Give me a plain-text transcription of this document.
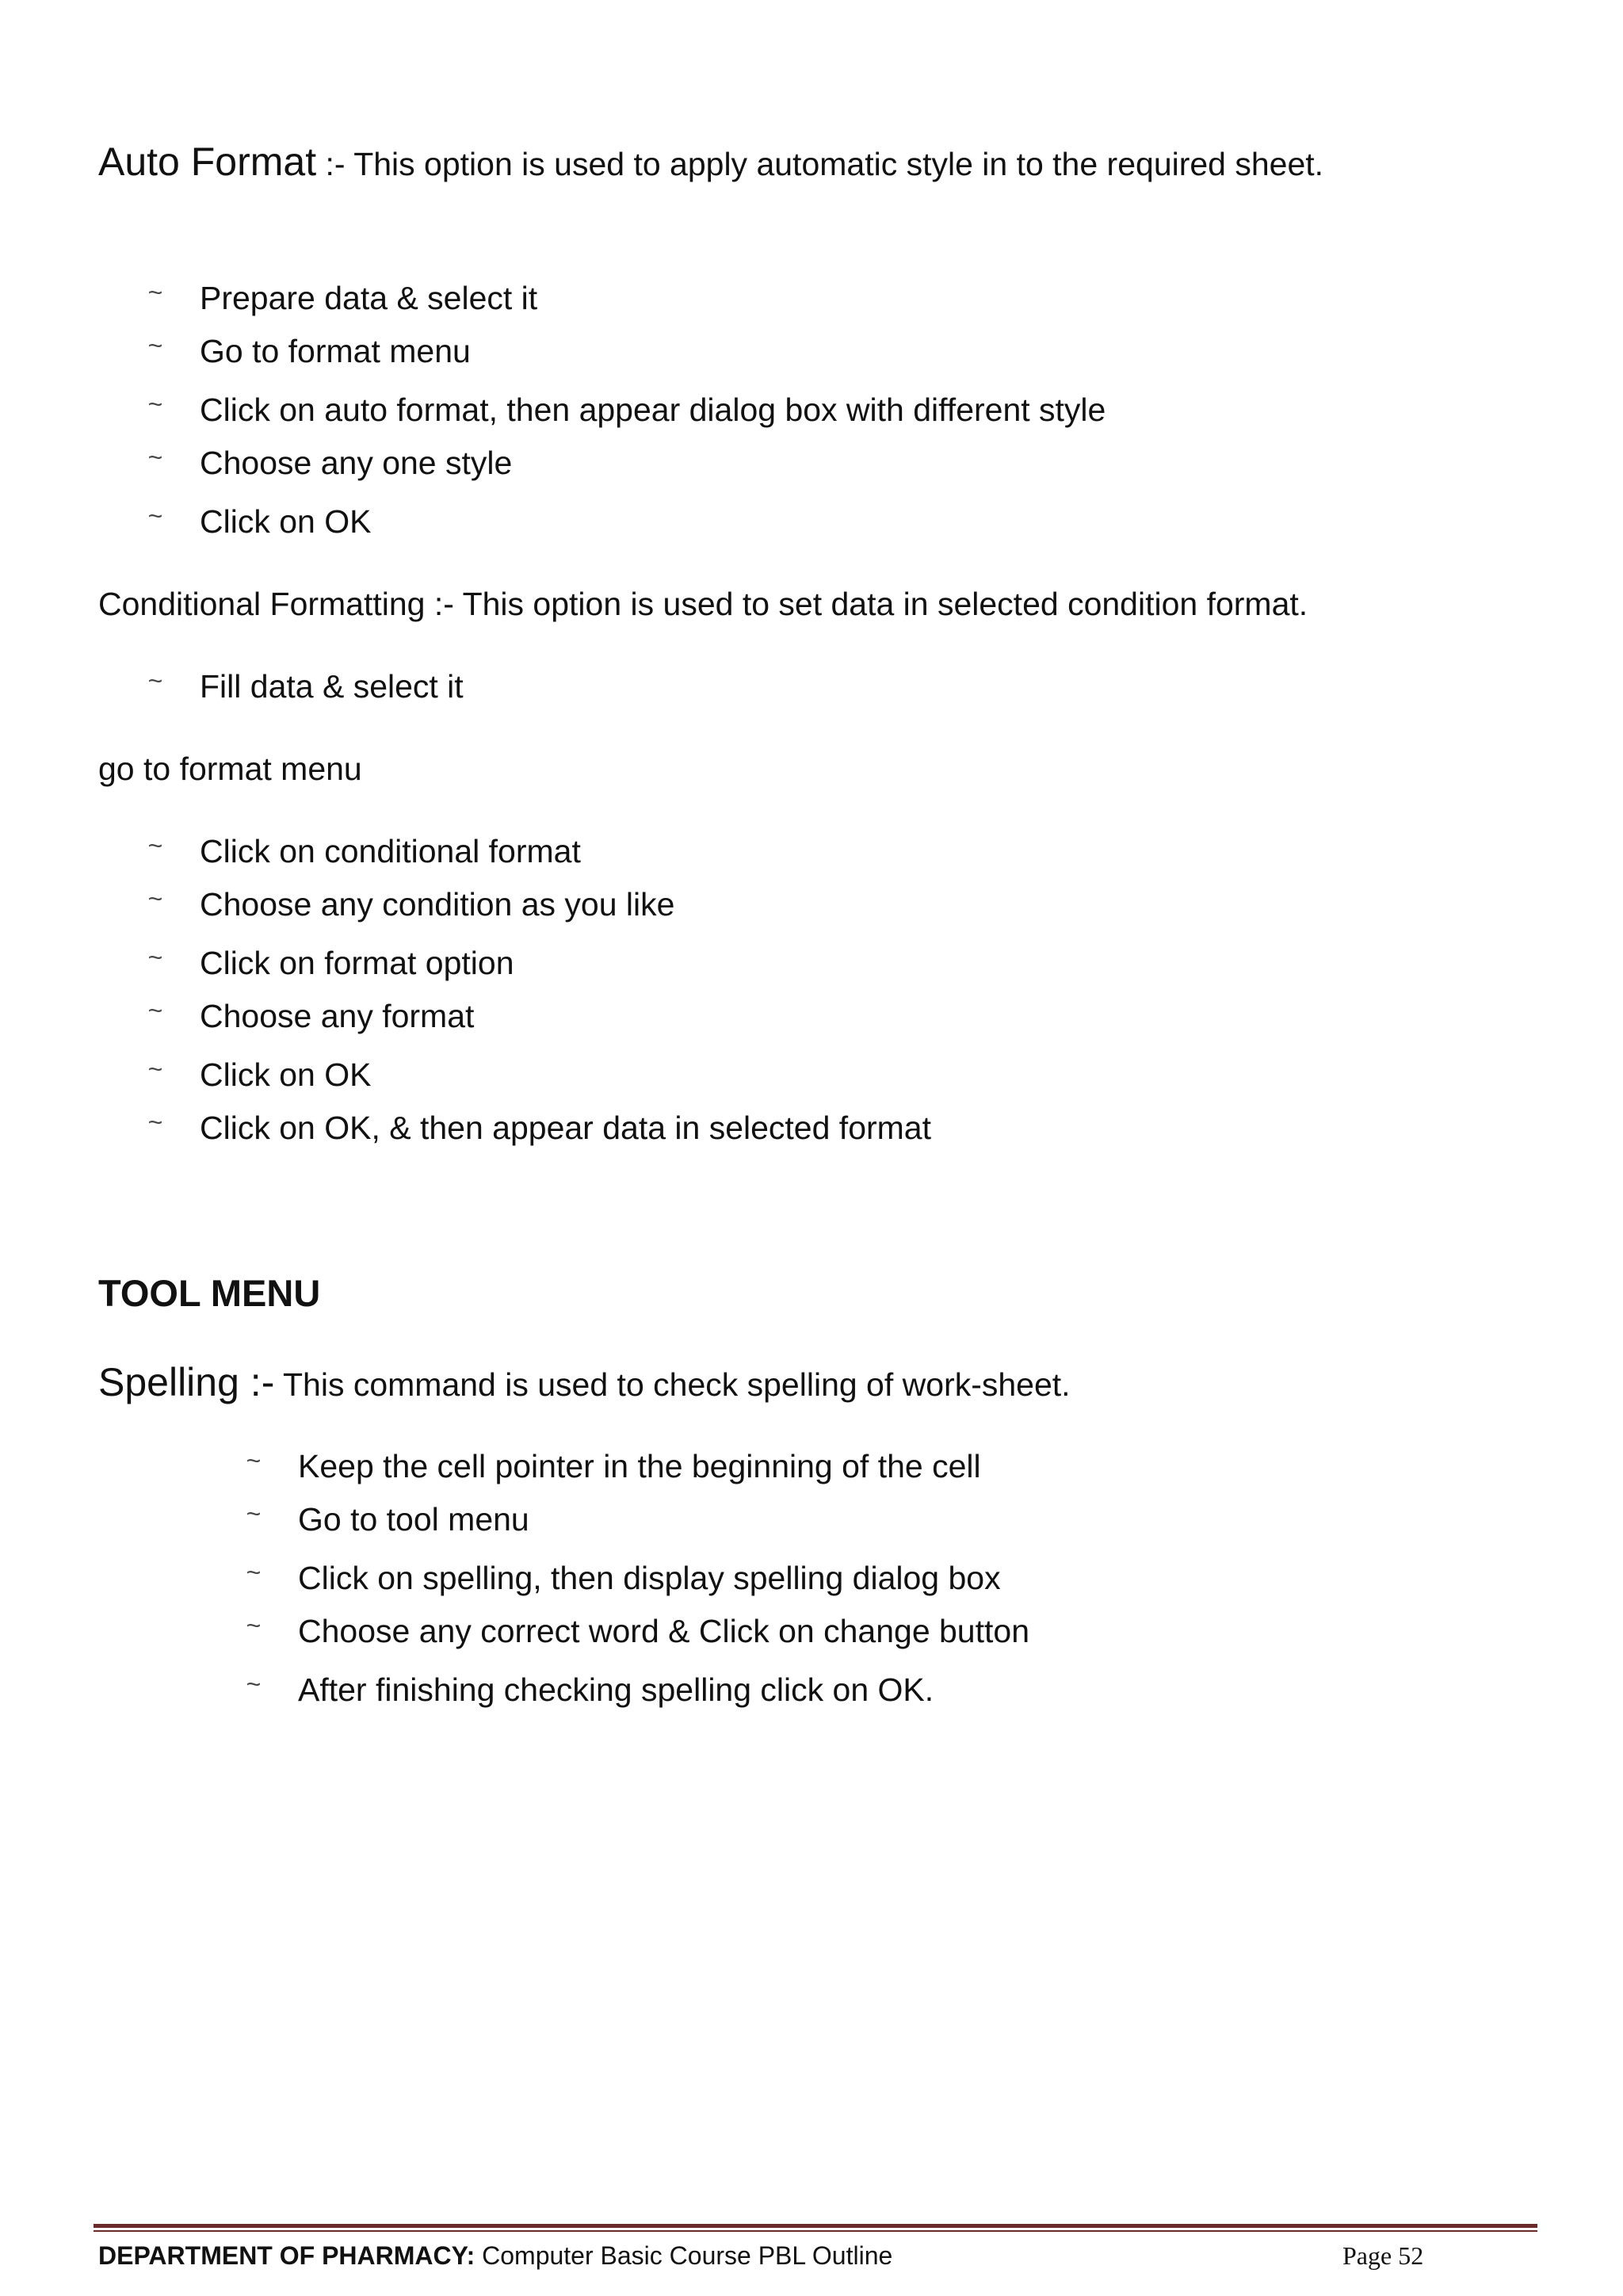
Auto Format :- This option is used to apply automatic style in to the required sheet.
~ Prepare data & select it
~ Go to format menu
~ Click on auto format, then appear dialog box with different style
~ Choose any one style
~ Click on OK
Conditional Formatting :- This option is used to set data in selected condition format.
~ Fill data & select it
go to format menu
~ Click on conditional format
~ Choose any condition as you like
~ Click on format option
~ Choose any format
~ Click on OK
~ Click on OK, & then appear data in selected format
TOOL MENU
Spelling :- This command is used to check spelling of work-sheet.
~ Keep the cell pointer in the beginning of the cell
~ Go to tool menu
~ Click on spelling, then display spelling dialog box
~ Choose any correct word & Click on change button
~ After finishing checking spelling click on OK.
DEPARTMENT OF PHARMACY: Computer Basic Course PBL Outline	Page 52
